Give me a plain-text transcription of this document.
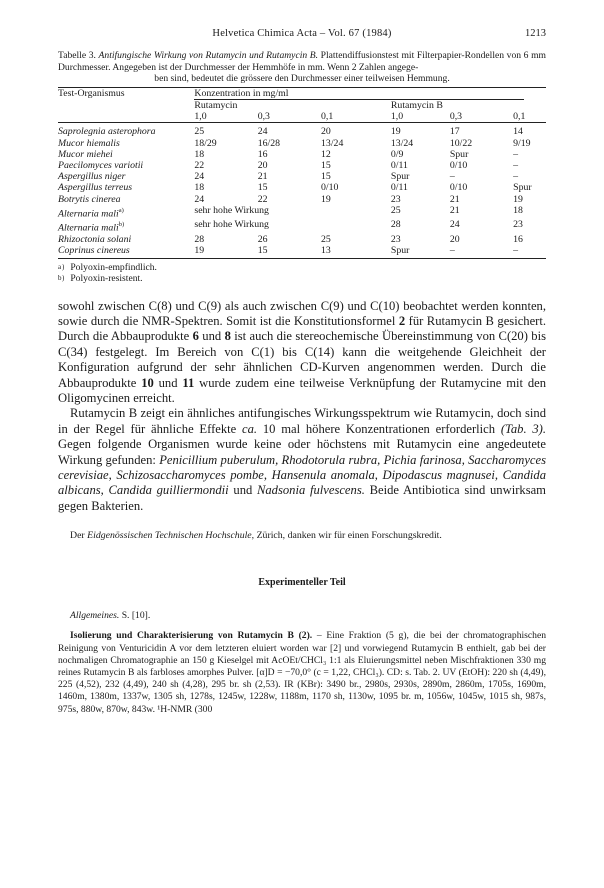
Helvetica Chimica Acta – Vol. 67 (1984)	1213
Tabelle 3. Antifungische Wirkung von Rutamycin und Rutamycin B. Plattendiffusionstest mit Filterpapier-Rondellen von 6 mm Durchmesser. Angegeben ist der Durchmesser der Hemmhöfe in mm. Wenn 2 Zahlen angege-
ben sind, bedeutet die grössere den Durchmesser einer teilweisen Hemmung.
Test-Organismus	Konzentration in mg/ml					

	Rutamycin			Rutamycin B		
	1,0	0,3	0,1	1,0	0,3	0,1
Saprolegnia asterophora	25	24	20	19	17	14
Mucor hiemalis	18/29	16/28	13/24	13/24	10/22	9/19
Mucor miehei	18	16	12	0/9	Spur	–
Paecilomyces variotii	22	20	15	0/11	0/10	–
Aspergillus niger	24	21	15	Spur	–	–
Aspergillus terreus	18	15	0/10	0/11	0/10	Spur
Botrytis cinerea	24	22	19	23	21	19
Alternaria mali$^{a)}$	sehr hohe Wirkung			25	21	18
Alternaria mali$^{b)}$	sehr hohe Wirkung			28	24	23
Rhizoctonia solani	28	26	25	23	20	16
Coprinus cinereus	19	15	13	Spur	–	–
a) Polyoxin-empfindlich.
b) Polyoxin-resistent.

sowohl zwischen C(8) und C(9) als auch zwischen C(9) und C(10) beobachtet werden konnten, sowie durch die NMR-Spektren. Somit ist die Konstitutionsformel 2 für Rutamycin B gesichert. Durch die Abbauprodukte 6 und 8 ist auch die stereochemische Übereinstimmung von C(20) bis C(34) festgelegt. Im Bereich von C(1) bis C(14) kann die weitgehende Gleichheit der Konfiguration aufgrund der sehr ähnlichen CD-Kurven angenommen werden. Durch die Abbauprodukte 10 und 11 wurde zudem eine teilweise Verknüpfung der Rutamycine mit den Oligomycinen erreicht.

Rutamycin B zeigt ein ähnliches antifungisches Wirkungsspektrum wie Rutamycin, doch sind in der Regel für ähnliche Effekte ca. 10 mal höhere Konzentrationen erforderlich (Tab. 3). Gegen folgende Organismen wurde keine oder höchstens mit Rutamycin eine angedeutete Wirkung gefunden: Penicillium puberulum, Rhodotorula rubra, Pichia farinosa, Saccharomyces cerevisiae, Schizosaccharomyces pombe, Hansenula anomala, Dipodascus magnusei, Candida albicans, Candida guilliermondii und Nadsonia fulvescens. Beide Antibiotica sind unwirksam gegen Bakterien.

Der Eidgenössischen Technischen Hochschule, Zürich, danken wir für einen Forschungskredit.
Experimenteller Teil
Allgemeines. S. [10].
Isolierung und Charakterisierung von Rutamycin B (2). – Eine Fraktion (5 g), die bei der chromatographischen Reinigung von Venturicidin A vor dem letzteren eluiert worden war [2] und vorwiegend Rutamycin B enthielt, gab bei der nochmaligen Chromatographie an 150 g Kieselgel mit AcOEt/CHCl₃ 1:1 als Eluierungsmittel neben Mischfraktionen 330 mg reines Rutamycin B als farbloses amorphes Pulver. [α]D = −70,0° (c = 1,22, CHCl₃). CD: s. Tab. 2. UV (EtOH): 220 sh (4,49), 225 (4,52), 232 (4,49), 240 sh (4,28), 295 br. sh (2,53). IR (KBr): 3490 br., 2980s, 2930s, 2890m, 2860m, 1705s, 1690m, 1460m, 1380m, 1337w, 1305 sh, 1278s, 1245w, 1228w, 1188m, 1170 sh, 1130w, 1095 br. m, 1056w, 1045w, 1015 sh, 987s, 975s, 880w, 870w, 843w. ¹H-NMR (300
